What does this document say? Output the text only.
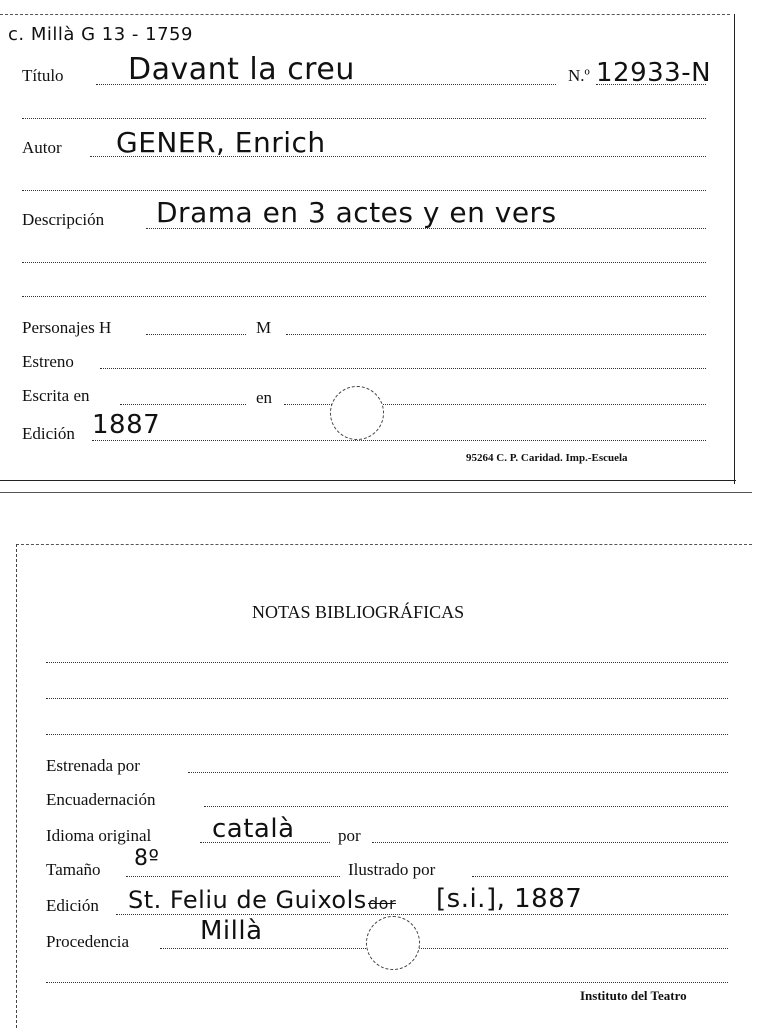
c. Millà G 13 - 1759
Título Davant la creu	N.º 12933-N
Autor GENER, Enrich
Descripción Drama en 3 actes y en vers
Personajes H	M
Estreno
Escrita en	en
Edición 1887
95264 C. P. Caridad. Imp.-Escuela
NOTAS BIBLIOGRÁFICAS
Estrenada por
Encuadernación
Idioma original català	por
Tamaño 8º	Ilustrado por
Edición St. Feliu de Guixols dor [s.i.], 1887
Procedencia	Millà
Instituto del Teatro
